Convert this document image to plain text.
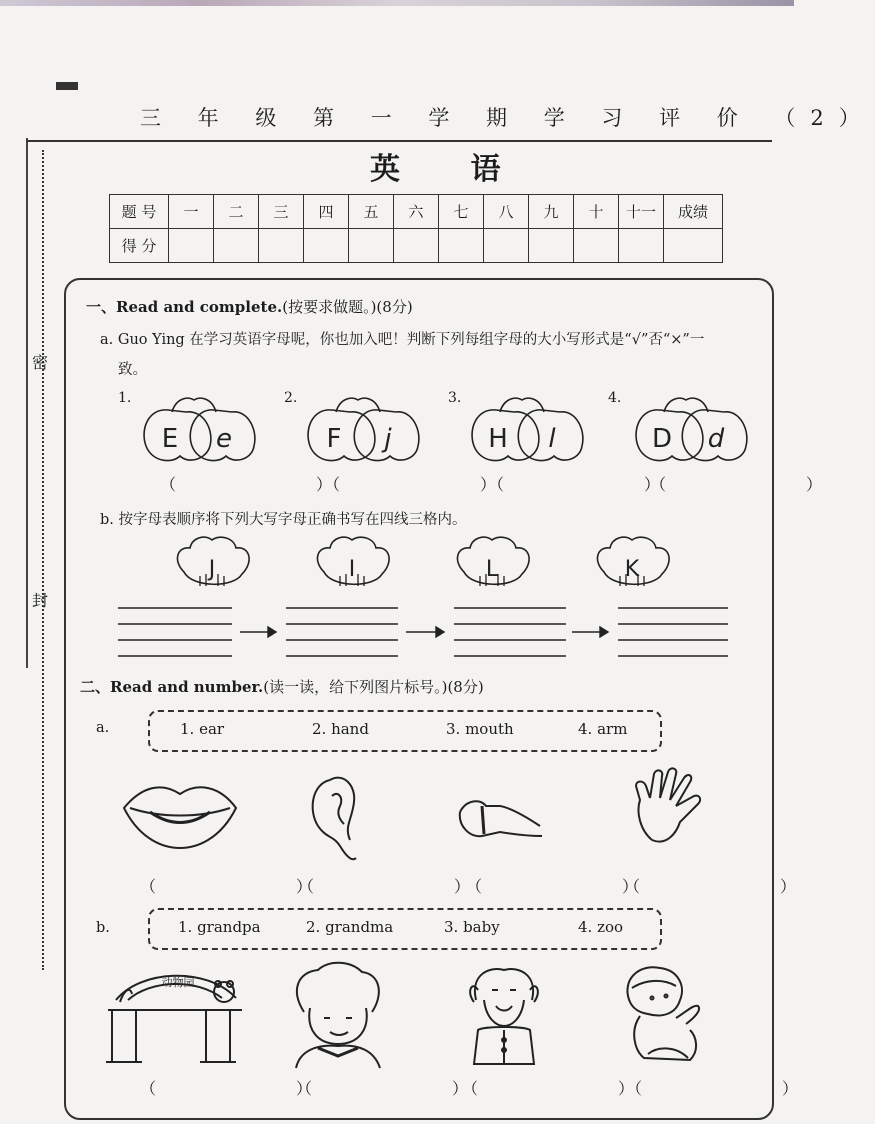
密
封
三 年 级 第 一 学 期 学 习 评 价 （2）
英 语
题 号	一	二	三	四	五	六	七	八	九	十	十一	成绩
得 分												
一、Read and complete.(按要求做题。)(8分)
a. Guo Ying 在学习英语字母呢，你也加入吧！判断下列每组字母的大小写形式是“√”否“×”一
致。
1.	2.	3.	4.
E e	F j	H l	D d
（　　）
（　　）
（　　）
（　　）
b. 按字母表顺序将下列大写字母正确书写在四线三格内。
J	I	L	K
二、Read and number.(读一读，给下列图片标号。)(8分)
a.	1. ear	2. hand	3. mouth	4. arm
（　　）
（　　）
（　　）
（　　）
b.	1. grandpa	2. grandma	3. baby	4. zoo
动物园
（　　）
（　　）
（　　）
（　　）
